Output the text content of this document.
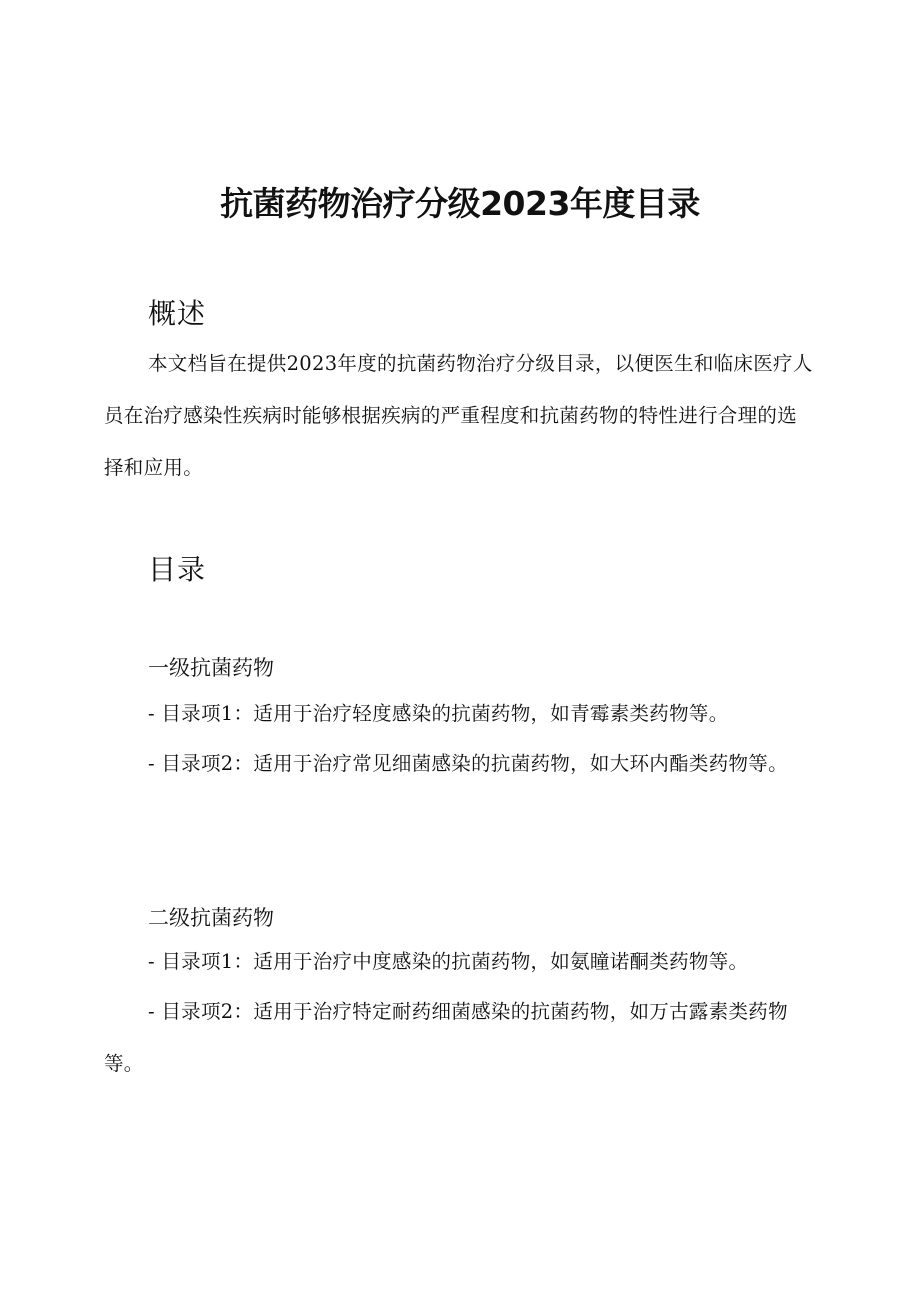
抗菌药物治疗分级2023年度目录
概述

本文档旨在提供2023年度的抗菌药物治疗分级目录，以便医生和临床医疗人员在治疗感染性疾病时能够根据疾病的严重程度和抗菌药物的特性进行合理的选择和应用。

目录
一级抗菌药物

- 目录项1：适用于治疗轻度感染的抗菌药物，如青霉素类药物等。

- 目录项2：适用于治疗常见细菌感染的抗菌药物，如大环内酯类药物等。

二级抗菌药物

- 目录项1：适用于治疗中度感染的抗菌药物，如氨瞳诺酮类药物等。

- 目录项2：适用于治疗特定耐药细菌感染的抗菌药物，如万古露素类药物等。
